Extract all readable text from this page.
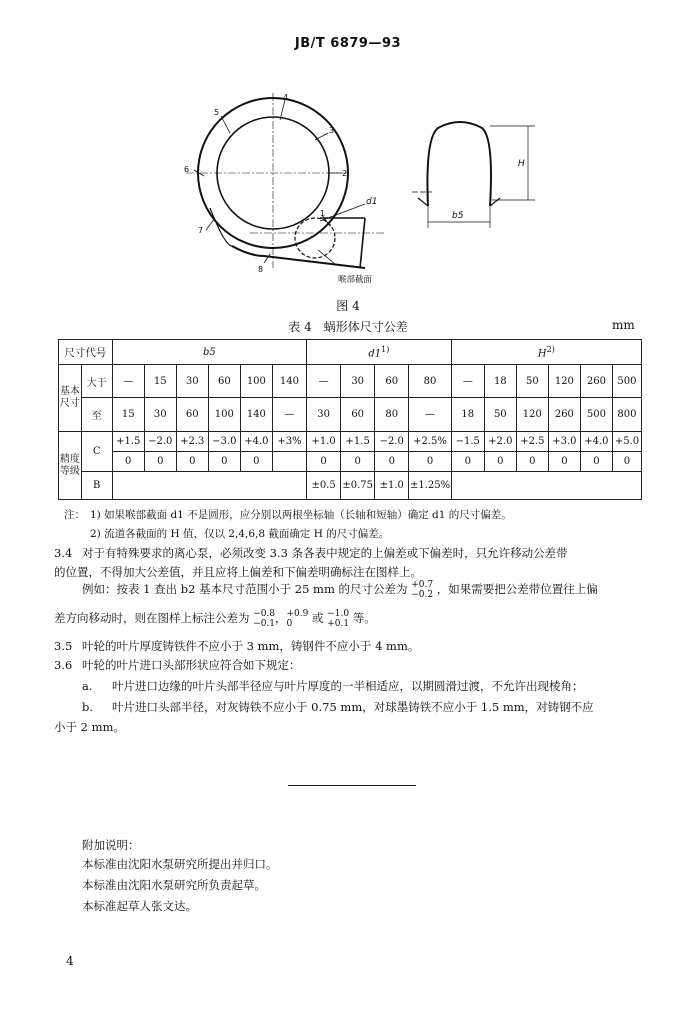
JB/T 6879—93
4
5
3
2
6
7
8
1
d1
喉部截面
H
b5
图 4
表 4　蜗形体尺寸公差	mm
尺寸代号		b5						d1$^{1)}$				$H^{2)}$
基本尺寸	大于	—	15	30	60	100	140	—	30	60	80	—	18	50	120	260	500
	至	15	30	60	100	140	—	30	60	80	—	18	50	120	260	500	800
精度等级	C	+1.5	−2.0	+2.3	−3.0	+4.0	+3%	+1.0	+1.5	−2.0	+2.5%	−1.5	+2.0	+2.5	+3.0	+4.0	+5.0
		0	0	0	0	0		0	0	0	0	0	0	0	0	0	0
	B							±0.5	±0.75	±1.0	±1.25%						
注： 1) 如果喉部截面 d1 不是圆形，应分别以两根坐标轴（长轴和短轴）确定 d1 的尺寸偏差。
2) 流道各截面的 H 值，仅以 2,4,6,8 截面确定 H 的尺寸偏差。
3.4 对于有特殊要求的离心泵，必须改变 3.3 条各表中规定的上偏差或下偏差时，只允许移动公差带
的位置，不得加大公差值，并且应将上偏差和下偏差明确标注在图样上。
例如：按表 1 查出 b2 基本尺寸范围小于 25 mm 的尺寸公差为 +0.7
−0.2 ，如果需要把公差带位置往上偏
差方向移动时，则在图样上标注公差为 −0.8
−0.1，+0.9
0 或 −1.0
+0.1 等。
3.5 叶轮的叶片厚度铸铁件不应小于 3 mm，铸钢件不应小于 4 mm。
3.6 叶轮的叶片进口头部形状应符合如下规定：
a. 叶片进口边缘的叶片头部半径应与叶片厚度的一半相适应，以期圆滑过渡，不允许出现棱角；
b. 叶片进口头部半径，对灰铸铁不应小于 0.75 mm，对球墨铸铁不应小于 1.5 mm，对铸钢不应
小于 2 mm。
附加说明：
本标准由沈阳水泵研究所提出并归口。
本标准由沈阳水泵研究所负责起草。
本标准起草人张文达。
4
